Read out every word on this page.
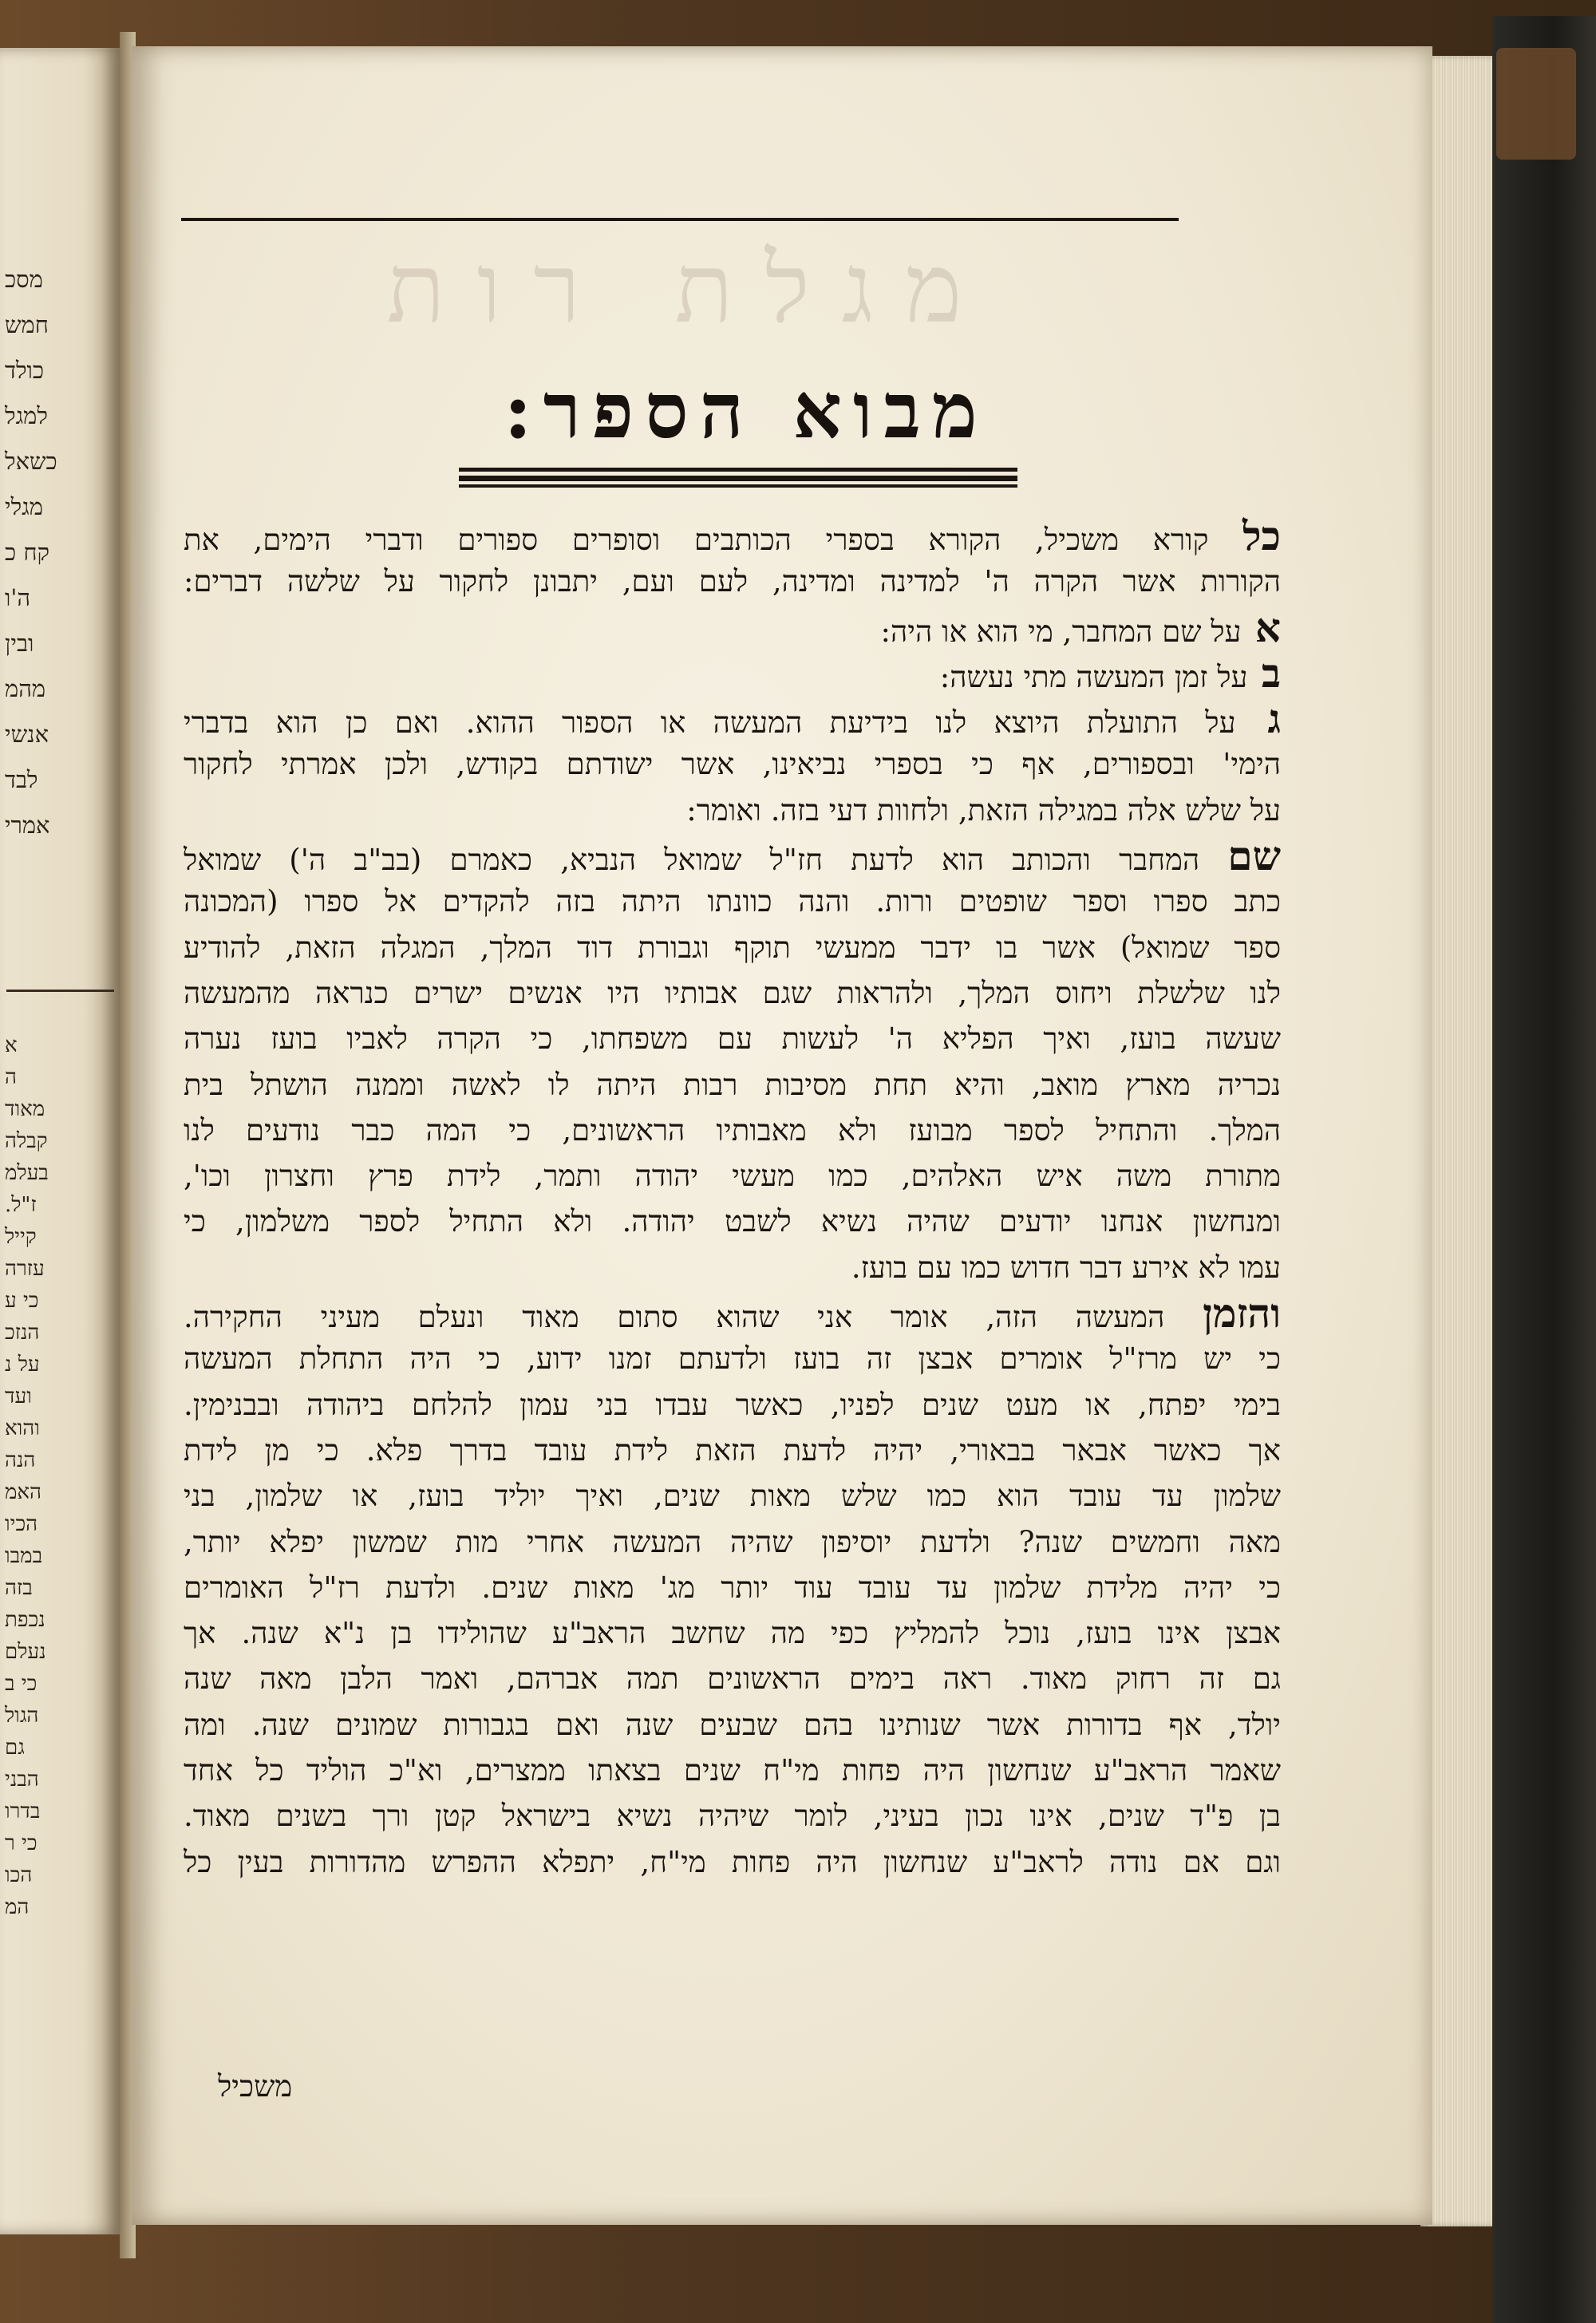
מסכ
חמש
כולד
למגל
כשאל
מגלי
קח כ
ה'ו
ובין
מהמ
אנשי
לבד
אמרי
א
ה
מאוד
קבלה
בעלמ
ז"ל.
קייל
עזרה
כי ע
הנזכ
על נ
ועד
והוא
הנה
האמ
הכיו
במבו
בזה
נכפת
נעלם
כי ב
הגול
גם
הבני
בדרו
כי ר
הכו
המ
מגלת רות
מבוא הספר:
כל קורא משכיל, הקורא בספרי הכותבים וסופרים ספורים ודברי הימים, את
הקורות אשר הקרה ה' למדינה ומדינה, לעם ועם, יתבונן לחקור על שלשה דברים:
א על שם המחבר, מי הוא או היה:
ב על זמן המעשה מתי נעשה:
ג על התועלת היוצא לנו בידיעת המעשה או הספור ההוא. ואם כן הוא בדברי
הימי' ובספורים, אף כי בספרי נביאינו, אשר ישודתם בקודש, ולכן אמרתי לחקור
על שלש אלה במגילה הזאת, ולחוות דעי בזה. ואומר:
שם המחבר והכותב הוא לדעת חז"ל שמואל הנביא, כאמרם (בב"ב ה') שמואל
כתב ספרו וספר שופטים ורות. והנה כוונתו היתה בזה להקדים אל ספרו (המכונה
ספר שמואל) אשר בו ידבר ממעשי תוקף וגבורת דוד המלך, המגלה הזאת, להודיע
לנו שלשלת ויחוס המלך, ולהראות שגם אבותיו היו אנשים ישרים כנראה מהמעשה
שעשה בועז, ואיך הפליא ה' לעשות עם משפחתו, כי הקרה לאביו בועז נערה
נכריה מארץ מואב, והיא תחת מסיבות רבות היתה לו לאשה וממנה הושתל בית
המלך. והתחיל לספר מבועז ולא מאבותיו הראשונים, כי המה כבר נודעים לנו
מתורת משה איש האלהים, כמו מעשי יהודה ותמר, לידת פרץ וחצרון וכו',
ומנחשון אנחנו יודעים שהיה נשיא לשבט יהודה. ולא התחיל לספר משלמון, כי
עמו לא אירע דבר חדוש כמו עם בועז.
והזמן המעשה הזה, אומר אני שהוא סתום מאוד ונעלם מעיני החקירה.
כי יש מרז"ל אומרים אבצן זה בועז ולדעתם זמנו ידוע, כי היה התחלת המעשה
בימי יפתח, או מעט שנים לפניו, כאשר עבדו בני עמון להלחם ביהודה ובבנימין.
אך כאשר אבאר בבאורי, יהיה לדעת הזאת לידת עובד בדרך פלא. כי מן לידת
שלמון עד עובד הוא כמו שלש מאות שנים, ואיך יוליד בועז, או שלמון, בני
מאה וחמשים שנה? ולדעת יוסיפון שהיה המעשה אחרי מות שמשון יפלא יותר,
כי יהיה מלידת שלמון עד עובד עוד יותר מג' מאות שנים. ולדעת רז"ל האומרים
אבצן אינו בועז, נוכל להמליץ כפי מה שחשב הראב"ע שהולידו בן נ"א שנה. אך
גם זה רחוק מאוד. ראה בימים הראשונים תמה אברהם, ואמר הלבן מאה שנה
יולד, אף בדורות אשר שנותינו בהם שבעים שנה ואם בגבורות שמונים שנה. ומה
שאמר הראב"ע שנחשון היה פחות מי"ח שנים בצאתו ממצרים, וא"כ הוליד כל אחד
בן פ"ד שנים, אינו נכון בעיני, לומר שיהיה נשיא בישראל קטן ורך בשנים מאוד.
וגם אם נודה לראב"ע שנחשון היה פחות מי"ח, יתפלא ההפרש מהדורות בעין כל
משכיל
